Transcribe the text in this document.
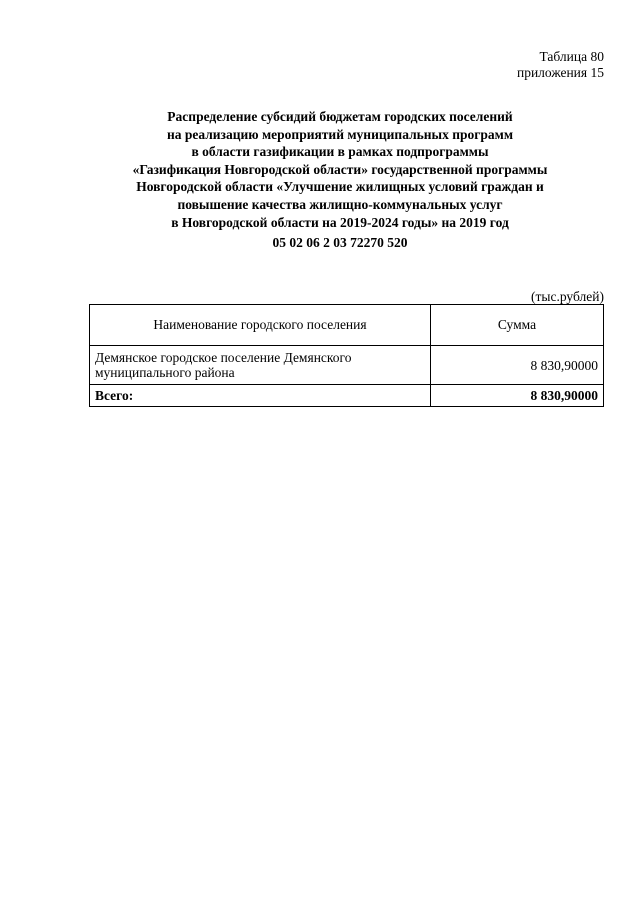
Таблица 80
приложения 15
Распределение субсидий бюджетам городских поселений
на реализацию мероприятий муниципальных программ
в области газификации в рамках подпрограммы
«Газификация Новгородской области» государственной программы
Новгородской области «Улучшение жилищных условий граждан и
повышение качества жилищно-коммунальных услуг
в Новгородской области на 2019-2024 годы» на 2019 год
05 02 06 2 03 72270 520
(тыс.рублей)
Наименование городского поселения	Сумма
Демянское городское поселение Демянского муниципального района	8 830,90000
Всего:	8 830,90000
